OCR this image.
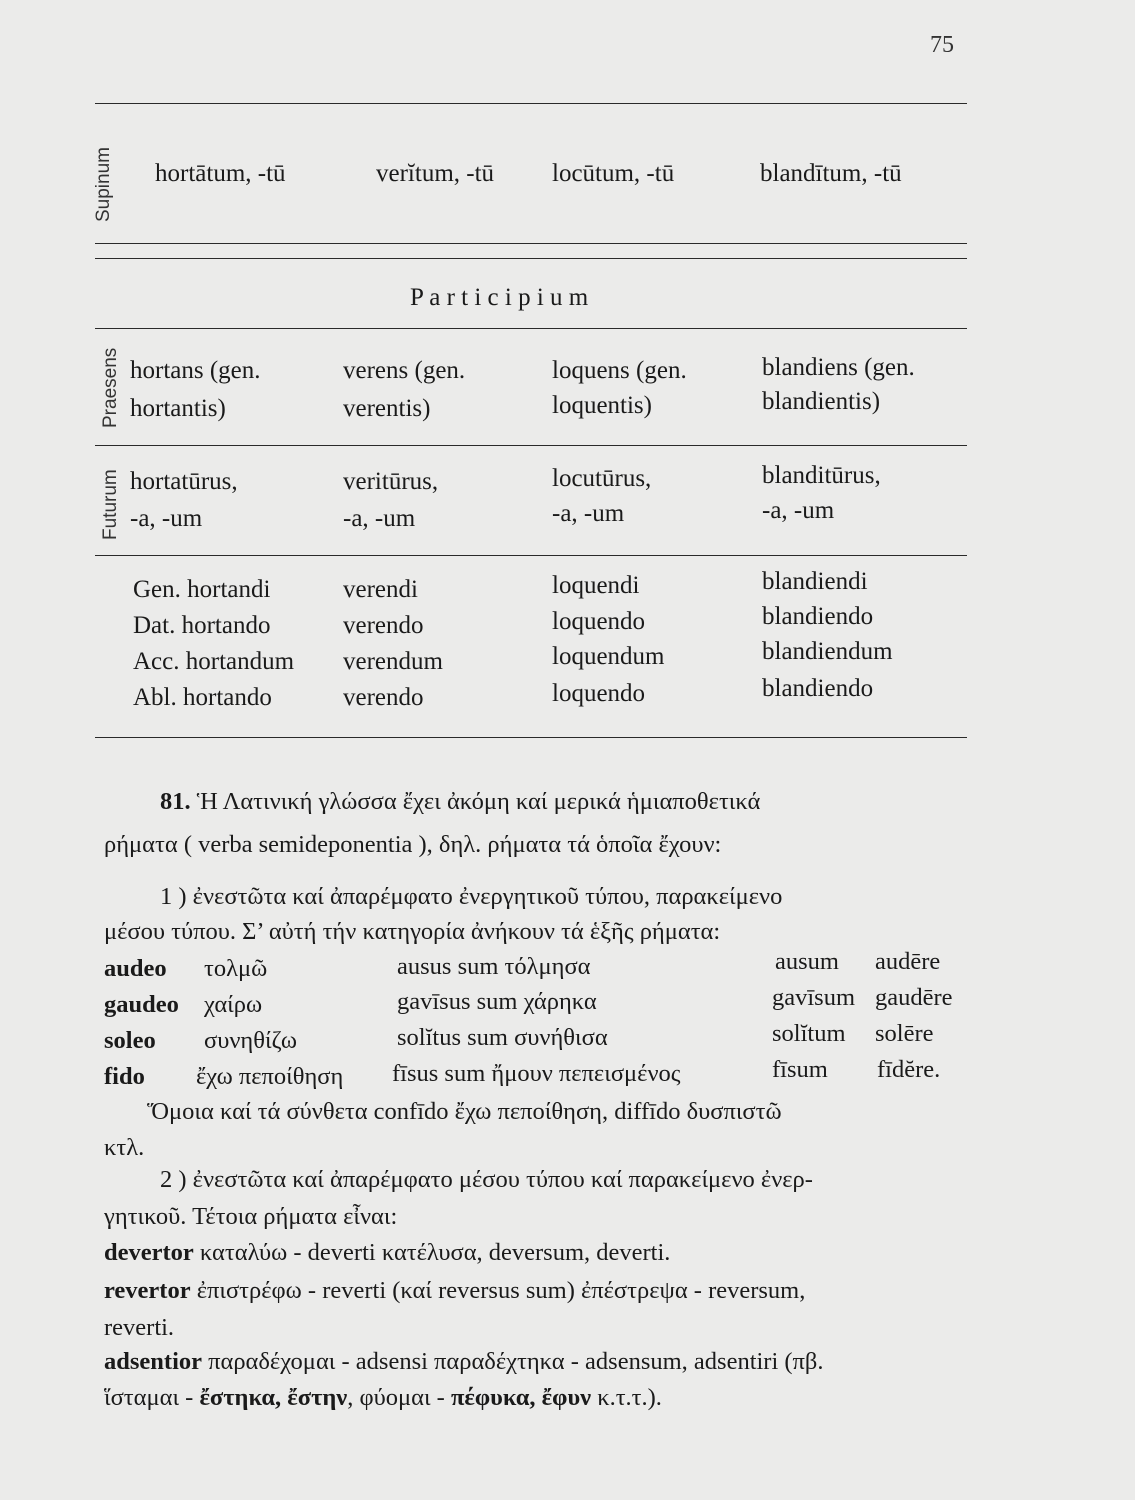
75
Supinum
Praesens
Futurum
hortātum, -tū	verĭtum, -tū locūtum, -tū	blandītum, -tū
P a r t i c i p i u m
hortans (gen.	verens (gen.	loquens (gen.	blandiens (gen.
hortantis)	verentis)	loquentis)	blandientis)
hortatūrus,	veritūrus,	locutūrus,	blanditūrus,
-a, -um	-a, -um	-a, -um	-a, -um
Gen. hortandi	verendi	loquendi	blandiendi
Dat. hortando	verendo	loquendo	blandiendo
Acc. hortandum verendum	loquendum	blandiendum
Abl. hortando	verendo	loquendo	blandiendo
81. Ἡ Λατινική γλώσσα ἔχει ἀκόμη καί μερικά ἡμιαποθετικά
ρήματα ( verba semideponentia ), δηλ. ρήματα τά ὁποῖα ἔχουν:
1 ) ἐνεστῶτα καί ἀπαρέμφατο ἐνεργητικοῦ τύπου, παρακείμενο
μέσου τύπου. Σ’ αὐτή τήν κατηγορία ἀνήκουν τά ἑξῆς ρήματα:
audeo τολμῶ	ausus sum τόλμησα	ausum audēre
gaudeo χαίρω	gavīsus sum χάρηκα	gavīsum gaudēre
soleo συνηθίζω	solĭtus sum συνήθισα	solĭtum solēre
fido ἔχω πεποίθηση fīsus sum ἤμουν πεπεισμένος	fīsum fīdĕre.
Ὅμοια καί τά σύνθετα confīdo ἔχω πεποίθηση, diffīdo δυσπιστῶ
κτλ.
2 ) ἐνεστῶτα καί ἀπαρέμφατο μέσου τύπου καί παρακείμενο ἐνερ-
γητικοῦ. Τέτοια ρήματα εἶναι:
devertor καταλύω - deverti κατέλυσα, deversum, deverti.
revertor ἐπιστρέφω - reverti (καί reversus sum) ἐπέστρεψα - reversum,
reverti.
adsentior παραδέχομαι - adsensi παραδέχτηκα - adsensum, adsentiri (πβ.
ἵσταμαι - ἔστηκα, ἔστην, φύομαι - πέφυκα, ἔφυν κ.τ.τ.).
